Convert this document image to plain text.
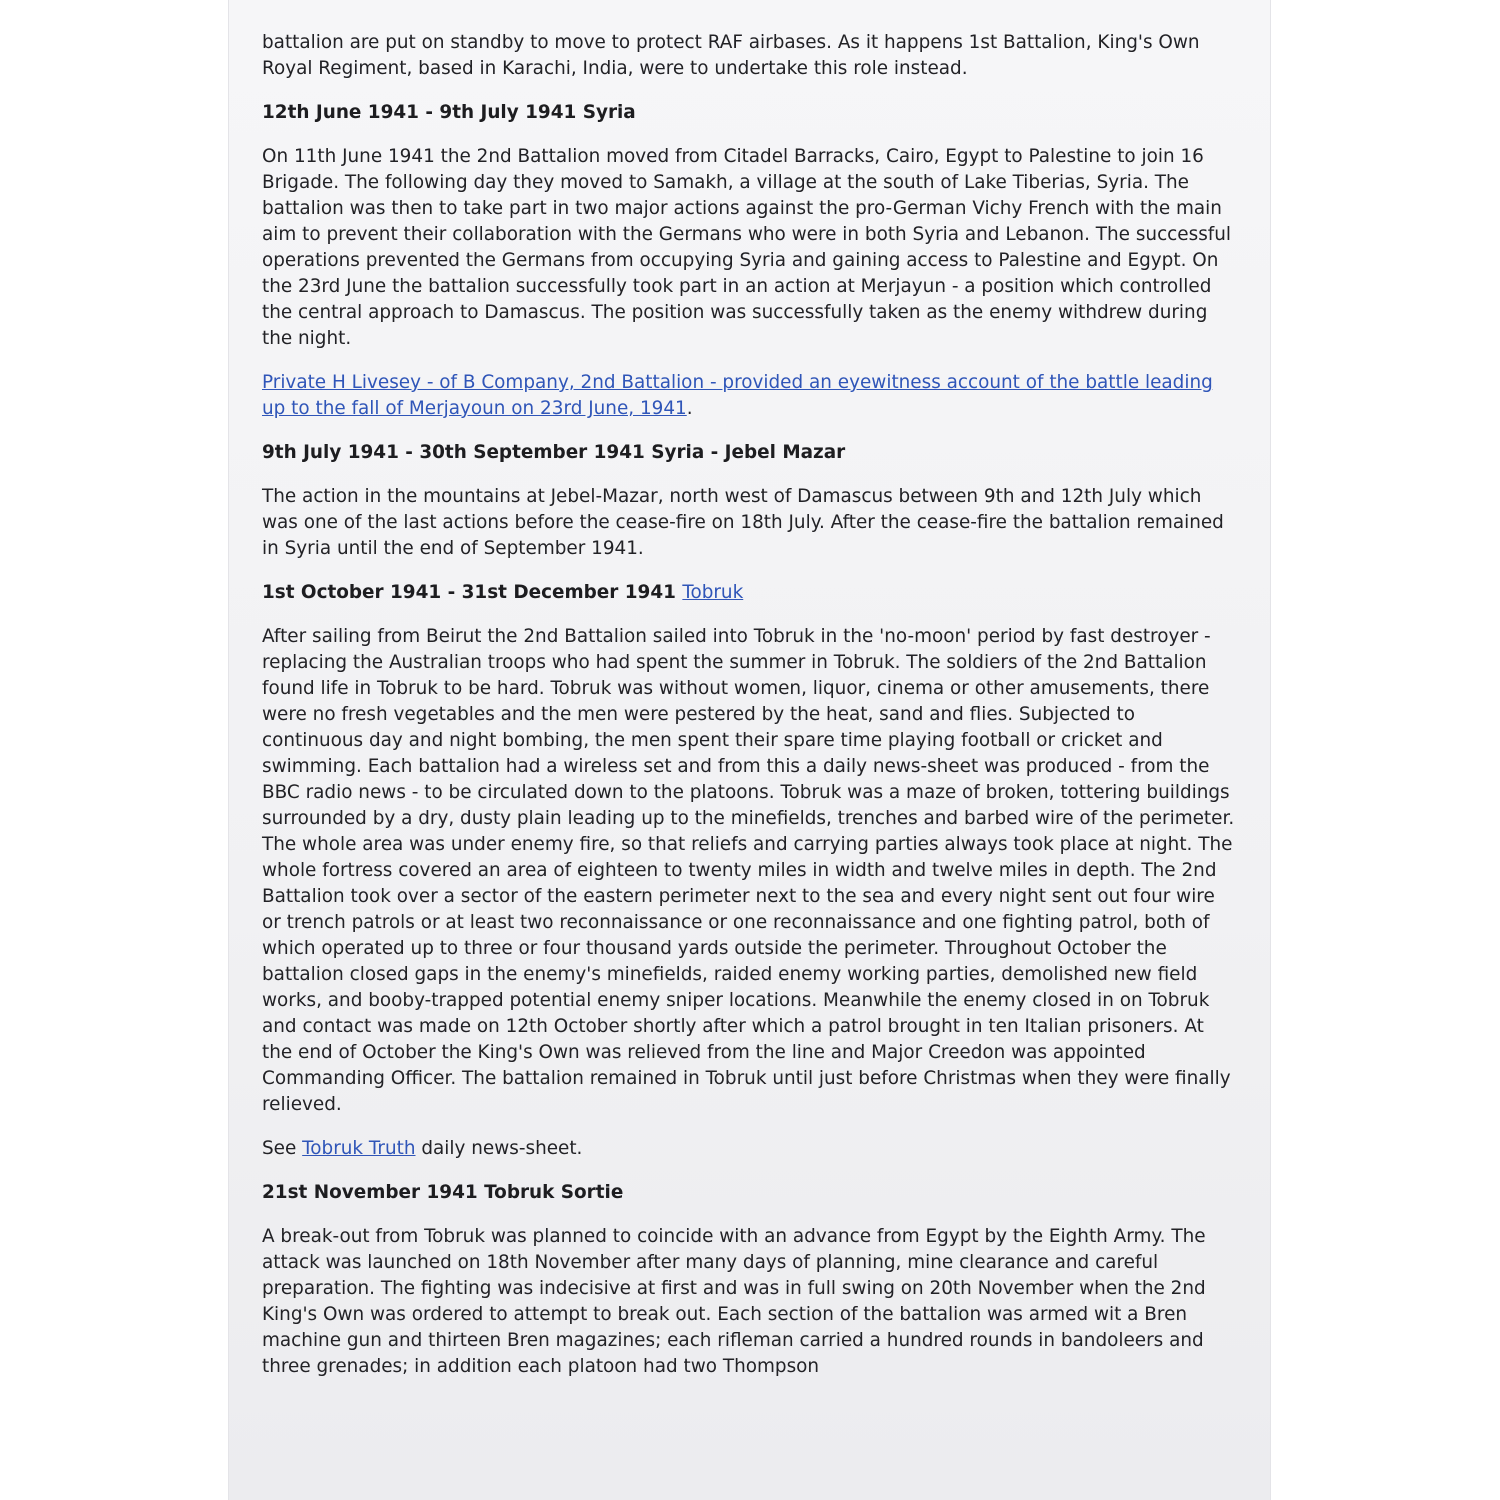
battalion are put on standby to move to protect RAF airbases. As it happens 1st Battalion, King's Own Royal Regiment, based in Karachi, India, were to undertake this role instead.

12th June 1941 - 9th July 1941 Syria

On 11th June 1941 the 2nd Battalion moved from Citadel Barracks, Cairo, Egypt to Palestine to join 16 Brigade. The following day they moved to Samakh, a village at the south of Lake Tiberias, Syria. The battalion was then to take part in two major actions against the pro-German Vichy French with the main aim to prevent their collaboration with the Germans who were in both Syria and Lebanon. The successful operations prevented the Germans from occupying Syria and gaining access to Palestine and Egypt. On the 23rd June the battalion successfully took part in an action at Merjayun - a position which controlled the central approach to Damascus. The position was successfully taken as the enemy withdrew during the night.

Private H Livesey - of B Company, 2nd Battalion - provided an eyewitness account of the battle leading up to the fall of Merjayoun on 23rd June, 1941.

9th July 1941 - 30th September 1941 Syria - Jebel Mazar

The action in the mountains at Jebel-Mazar, north west of Damascus between 9th and 12th July which was one of the last actions before the cease-fire on 18th July. After the cease-fire the battalion remained in Syria until the end of September 1941.

1st October 1941 - 31st December 1941 Tobruk

After sailing from Beirut the 2nd Battalion sailed into Tobruk in the 'no-moon' period by fast destroyer - replacing the Australian troops who had spent the summer in Tobruk. The soldiers of the 2nd Battalion found life in Tobruk to be hard. Tobruk was without women, liquor, cinema or other amusements, there were no fresh vegetables and the men were pestered by the heat, sand and flies. Subjected to continuous day and night bombing, the men spent their spare time playing football or cricket and swimming. Each battalion had a wireless set and from this a daily news-sheet was produced - from the BBC radio news - to be circulated down to the platoons. Tobruk was a maze of broken, tottering buildings surrounded by a dry, dusty plain leading up to the minefields, trenches and barbed wire of the perimeter. The whole area was under enemy fire, so that reliefs and carrying parties always took place at night. The whole fortress covered an area of eighteen to twenty miles in width and twelve miles in depth. The 2nd Battalion took over a sector of the eastern perimeter next to the sea and every night sent out four wire or trench patrols or at least two reconnaissance or one reconnaissance and one fighting patrol, both of which operated up to three or four thousand yards outside the perimeter. Throughout October the battalion closed gaps in the enemy's minefields, raided enemy working parties, demolished new field works, and booby-trapped potential enemy sniper locations. Meanwhile the enemy closed in on Tobruk and contact was made on 12th October shortly after which a patrol brought in ten Italian prisoners. At the end of October the King's Own was relieved from the line and Major Creedon was appointed Commanding Officer. The battalion remained in Tobruk until just before Christmas when they were finally relieved.

See Tobruk Truth daily news-sheet.

21st November 1941 Tobruk Sortie

A break-out from Tobruk was planned to coincide with an advance from Egypt by the Eighth Army. The attack was launched on 18th November after many days of planning, mine clearance and careful preparation. The fighting was indecisive at first and was in full swing on 20th November when the 2nd King's Own was ordered to attempt to break out. Each section of the battalion was armed wit a Bren machine gun and thirteen Bren magazines; each rifleman carried a hundred rounds in bandoleers and three grenades; in addition each platoon had two Thompson
